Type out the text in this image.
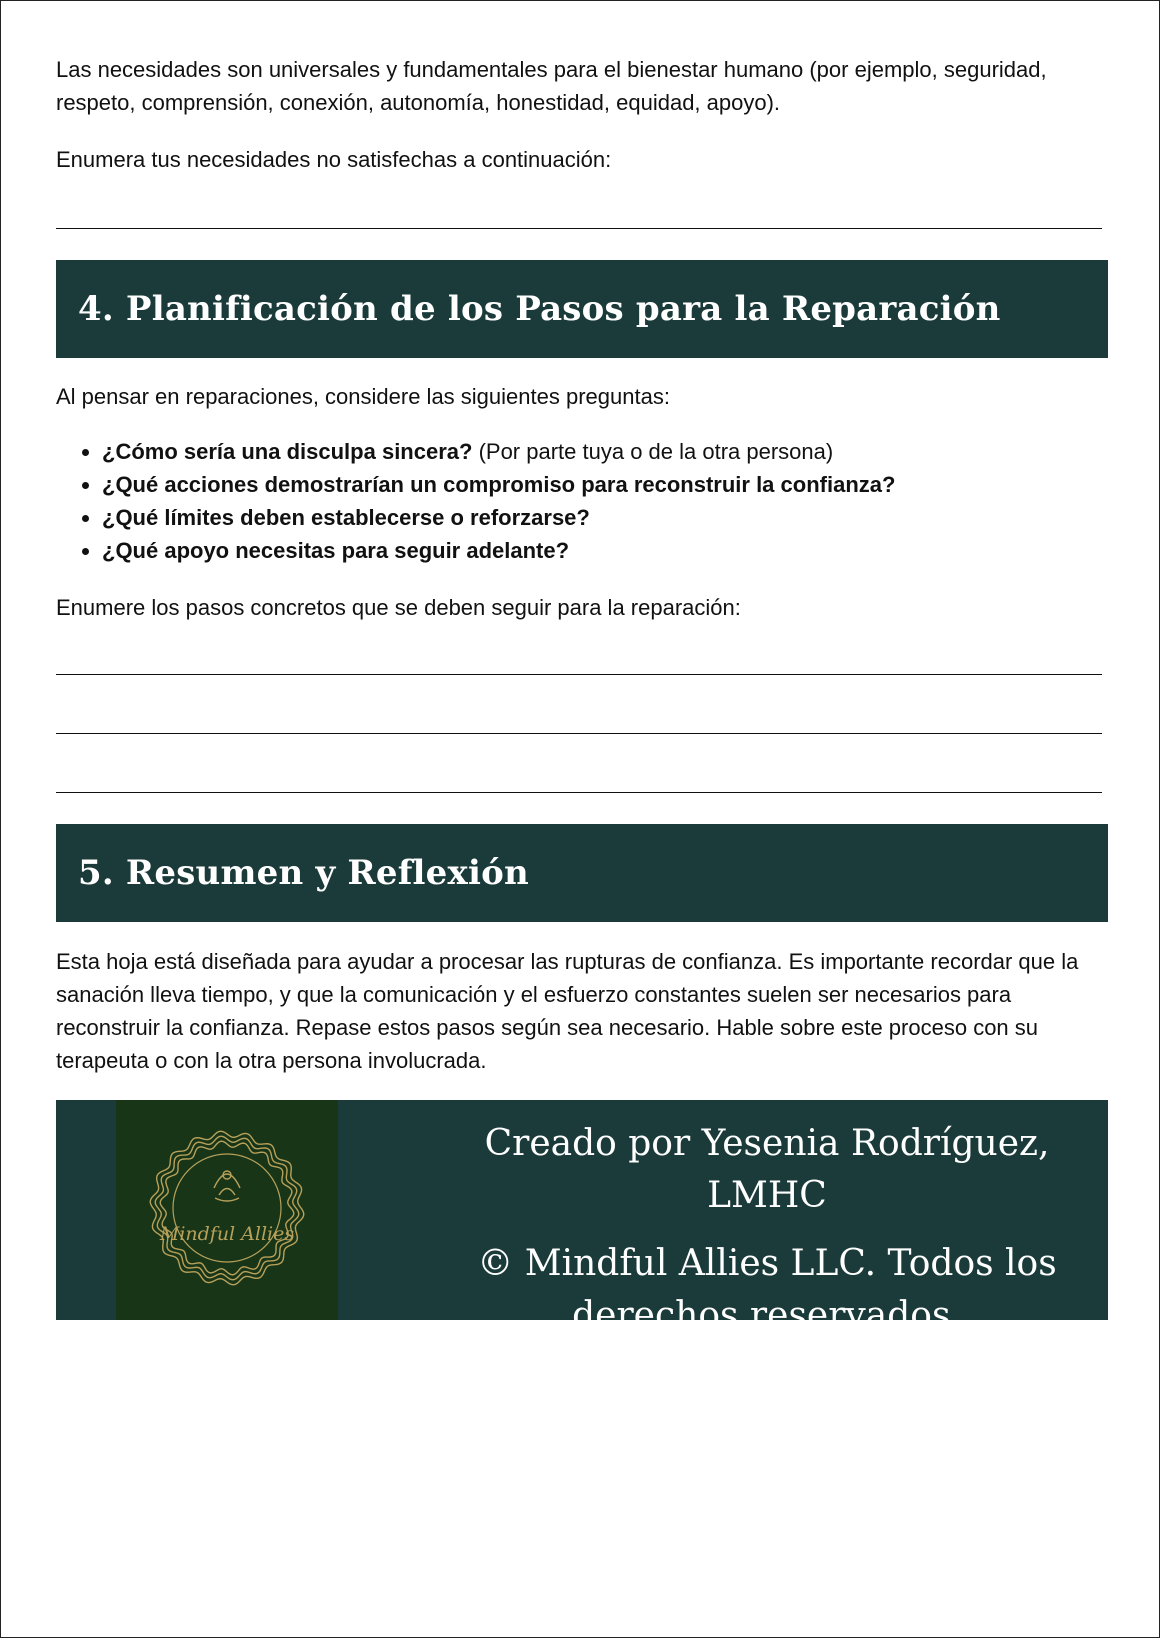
Las necesidades son universales y fundamentales para el bienestar humano (por ejemplo, seguridad, respeto, comprensión, conexión, autonomía, honestidad, equidad, apoyo).

Enumera tus necesidades no satisfechas a continuación:

4. Planificación de los Pasos para la Reparación

Al pensar en reparaciones, considere las siguientes preguntas:

• ¿Cómo sería una disculpa sincera? (Por parte tuya o de la otra persona)
• ¿Qué acciones demostrarían un compromiso para reconstruir la confianza?
• ¿Qué límites deben establecerse o reforzarse?
• ¿Qué apoyo necesitas para seguir adelante?

Enumere los pasos concretos que se deben seguir para la reparación:

5. Resumen y Reflexión

Esta hoja está diseñada para ayudar a procesar las rupturas de confianza. Es importante recordar que la sanación lleva tiempo, y que la comunicación y el esfuerzo constantes suelen ser necesarios para reconstruir la confianza. Repase estos pasos según sea necesario. Hable sobre este proceso con su terapeuta o con la otra persona involucrada.

Mindful Allies
Creado por Yesenia Rodríguez, LMHC
© Mindful Allies LLC. Todos los derechos reservados.
